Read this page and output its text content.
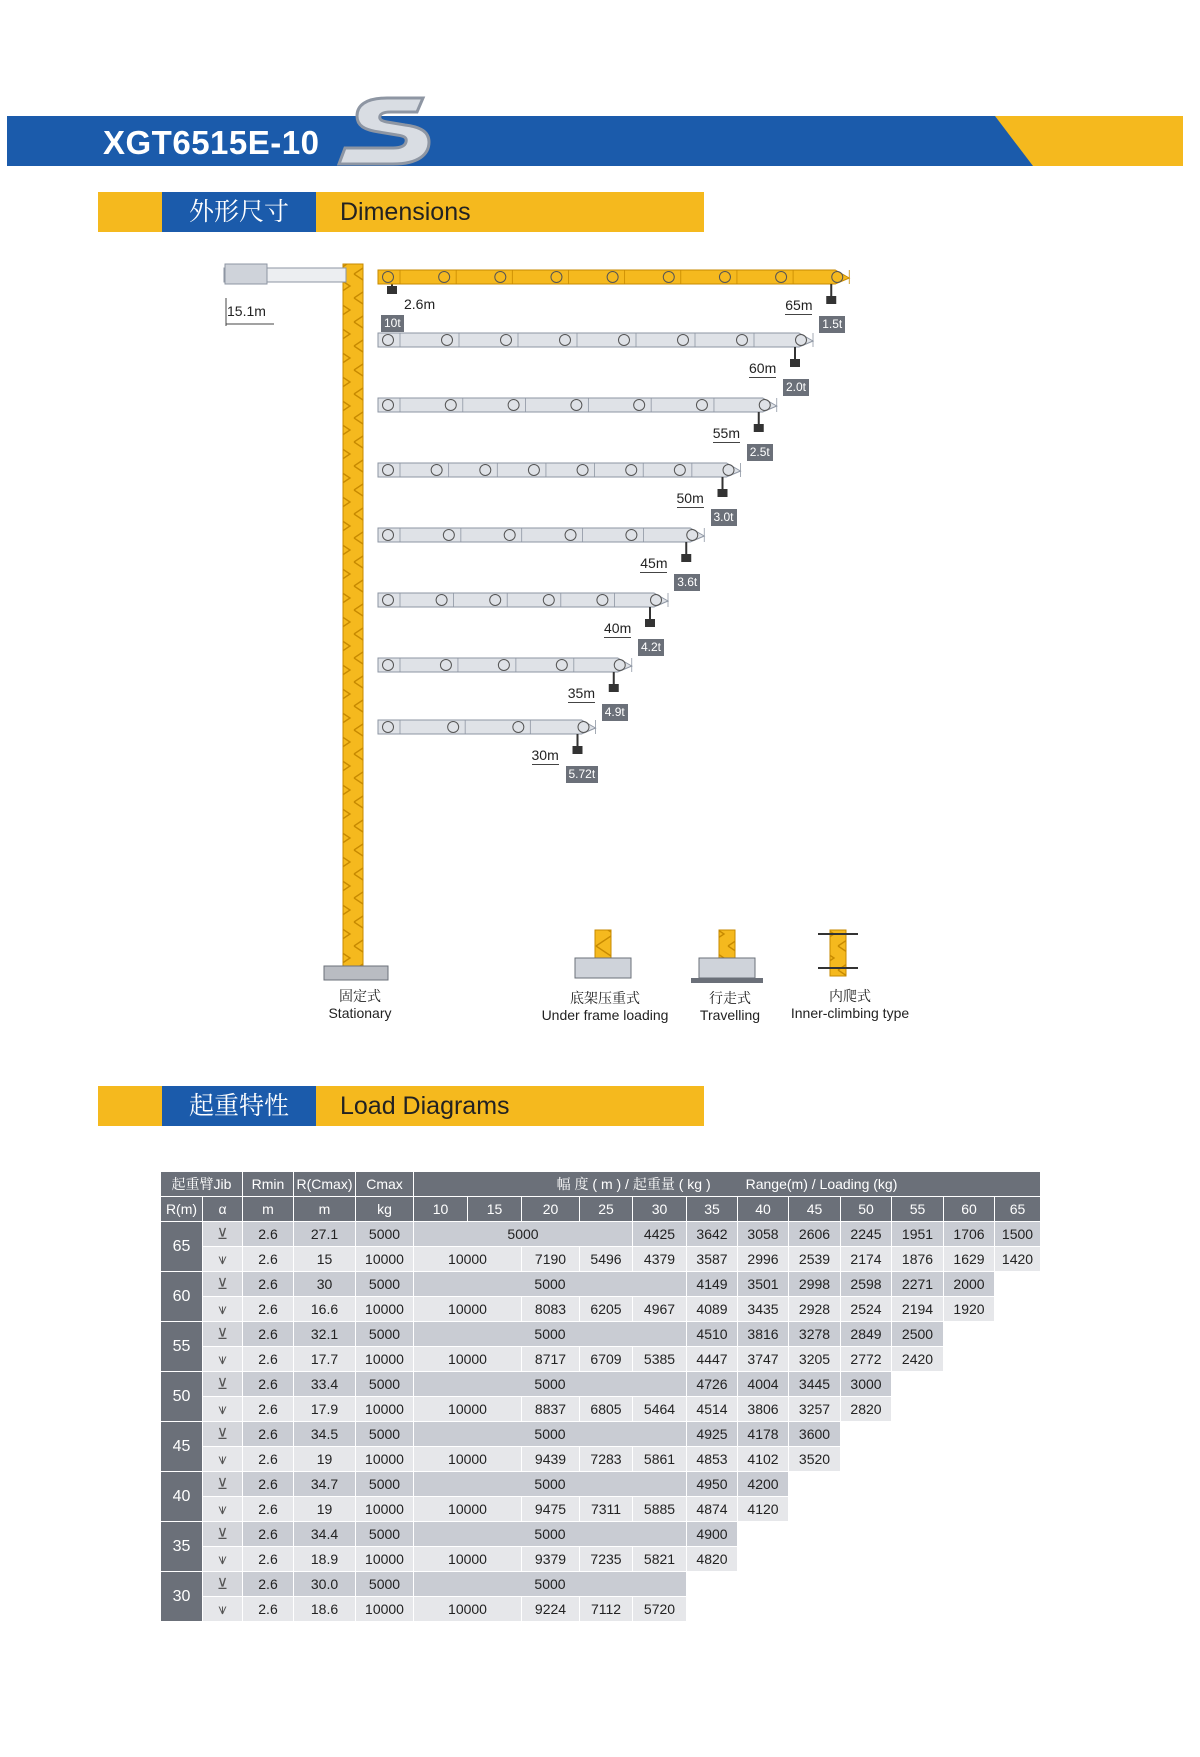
XGT6515E-10
外形尺寸	Dimensions
15.1m	2.6m
10t
65m
1.5t
60m
2.0t
55m
2.5t
50m
3.0t
45m
3.6t
40m
4.2t
35m
4.9t
30m
5.72t
固定式
Stationary
底架压重式
Under frame loading
行走式
Travelling
内爬式
Inner-climbing type
起重特性	Load Diagrams
起重臂Jib		Rmin	R(Cmax)	Cmax	幅 度 ( m ) / 起重量 ( kg ) Range(m) / Loading (kg)											
R(m)	α	m	m	kg	10	15	20	25	30	35	40	45	50	55	60	65
65	⊻	2.6	27.1	5000	5000				4425	3642	3058	2606	2245	1951	1706	1500
	⩛	2.6	15	10000	10000		7190	5496	4379	3587	2996	2539	2174	1876	1629	1420
60	⊻	2.6	30	5000	5000					4149	3501	2998	2598	2271	2000	
	⩛	2.6	16.6	10000	10000		8083	6205	4967	4089	3435	2928	2524	2194	1920	
55	⊻	2.6	32.1	5000	5000					4510	3816	3278	2849	2500		
	⩛	2.6	17.7	10000	10000		8717	6709	5385	4447	3747	3205	2772	2420		
50	⊻	2.6	33.4	5000	5000					4726	4004	3445	3000			
	⩛	2.6	17.9	10000	10000		8837	6805	5464	4514	3806	3257	2820			
45	⊻	2.6	34.5	5000	5000					4925	4178	3600				
	⩛	2.6	19	10000	10000		9439	7283	5861	4853	4102	3520				
40	⊻	2.6	34.7	5000	5000					4950	4200					
	⩛	2.6	19	10000	10000		9475	7311	5885	4874	4120					
35	⊻	2.6	34.4	5000	5000					4900						
	⩛	2.6	18.9	10000	10000		9379	7235	5821	4820						
30	⊻	2.6	30.0	5000	5000											
	⩛	2.6	18.6	10000	10000		9224	7112	5720							
